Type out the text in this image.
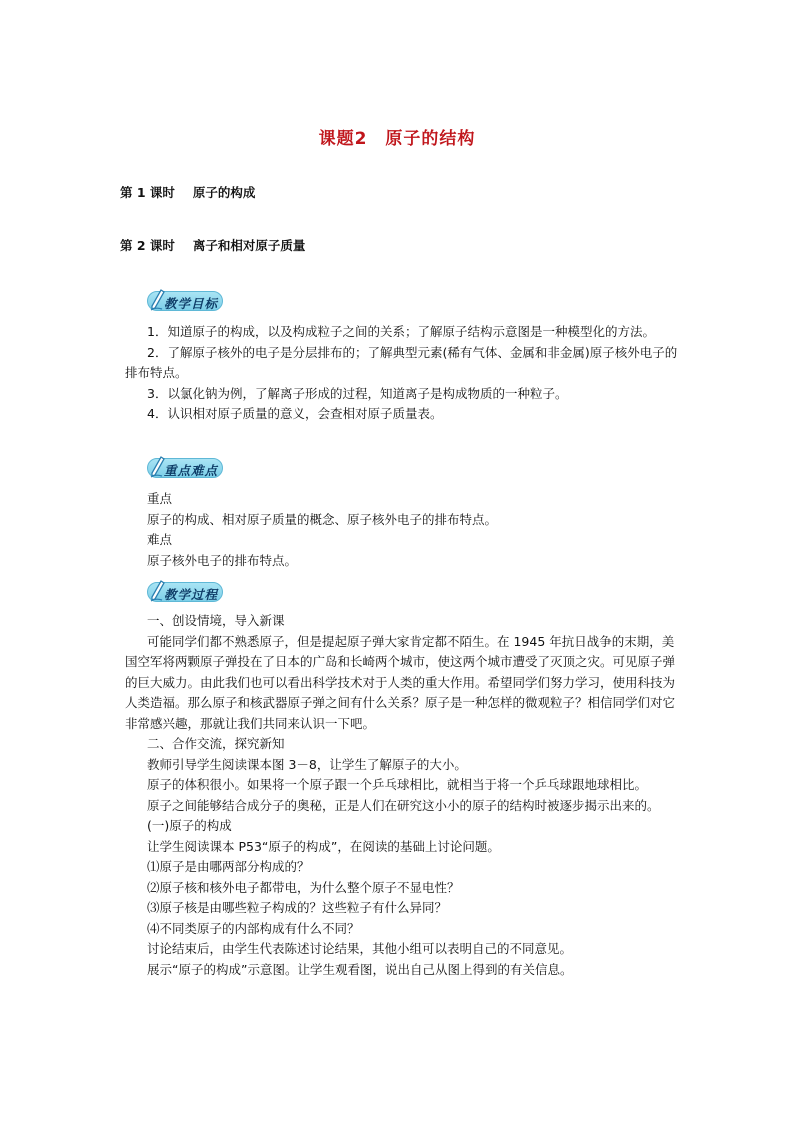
课题2　原子的结构
第 1 课时 原子的构成
第 2 课时 离子和相对原子质量
教学目标

1．知道原子的构成，以及构成粒子之间的关系；了解原子结构示意图是一种模型化的方法。

2．了解原子核外的电子是分层排布的；了解典型元素(稀有气体、金属和非金属)原子核外电子的排布特点。

3．以氯化钠为例，了解离子形成的过程，知道离子是构成物质的一种粒子。

4．认识相对原子质量的意义，会查相对原子质量表。

重点难点

重点

原子的构成、相对原子质量的概念、原子核外电子的排布特点。

难点

原子核外电子的排布特点。

教学过程

一、创设情境，导入新课

可能同学们都不熟悉原子，但是提起原子弹大家肯定都不陌生。在 1945 年抗日战争的末期，美国空军将两颗原子弹投在了日本的广岛和长崎两个城市，使这两个城市遭受了灭顶之灾。可见原子弹的巨大威力。由此我们也可以看出科学技术对于人类的重大作用。希望同学们努力学习，使用科技为人类造福。那么原子和核武器原子弹之间有什么关系？原子是一种怎样的微观粒子？相信同学们对它非常感兴趣，那就让我们共同来认识一下吧。

二、合作交流，探究新知

教师引导学生阅读课本图 3－8，让学生了解原子的大小。

原子的体积很小。如果将一个原子跟一个乒乓球相比，就相当于将一个乒乓球跟地球相比。

原子之间能够结合成分子的奥秘，正是人们在研究这小小的原子的结构时被逐步揭示出来的。

(一)原子的构成

让学生阅读课本 P53“原子的构成”，在阅读的基础上讨论问题。

⑴原子是由哪两部分构成的？

⑵原子核和核外电子都带电，为什么整个原子不显电性？

⑶原子核是由哪些粒子构成的？这些粒子有什么异同？

⑷不同类原子的内部构成有什么不同？

讨论结束后，由学生代表陈述讨论结果，其他小组可以表明自己的不同意见。

展示“原子的构成”示意图。让学生观看图，说出自己从图上得到的有关信息。
